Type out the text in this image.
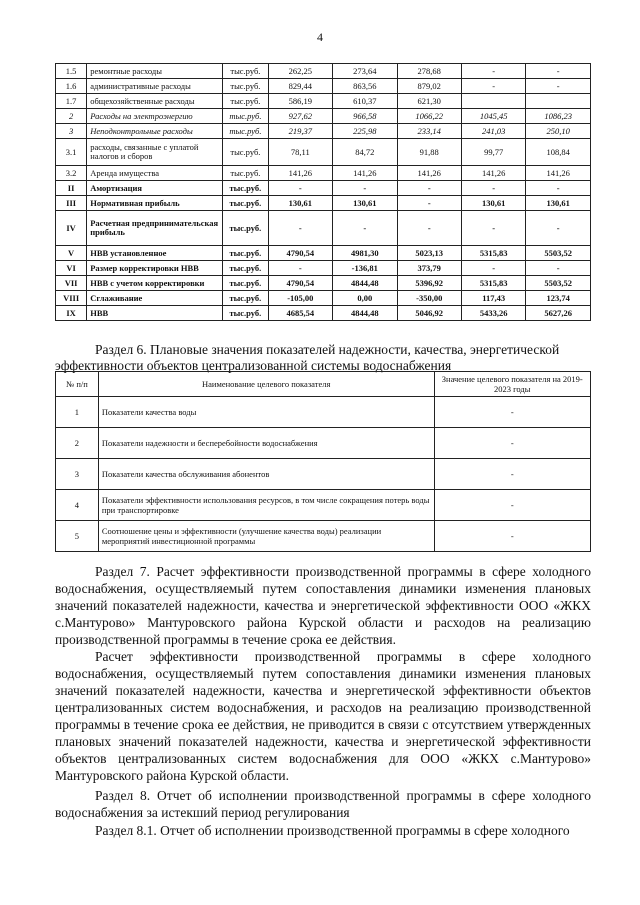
4
1.5	ремонтные расходы	тыс.руб.	262,25	273,64	278,68	-	-
1.6	административные расходы	тыс.руб.	829,44	863,56	879,02	-	-
1.7	общехозяйственные расходы	тыс.руб.	586,19	610,37	621,30		
2	Расходы на электроэнергию	тыс.руб.	927,62	966,58	1066,22	1045,45	1086,23
3	Неподконтрольные расходы	тыс.руб.	219,37	225,98	233,14	241,03	250,10
3.1	расходы, связанные с уплатой налогов и сборов	тыс.руб.	78,11	84,72	91,88	99,77	108,84
3.2	Аренда имущества	тыс.руб.	141,26	141,26	141,26	141,26	141,26
II	Амортизация	тыс.руб.	-	-	-	-	-
III	Нормативная прибыль	тыс.руб.	130,61	130,61	-	130,61	130,61
IV	Расчетная предпринимательская прибыль	тыс.руб.	-	-	-	-	-
V	НВВ установленное	тыс.руб.	4790,54	4981,30	5023,13	5315,83	5503,52
VI	Размер корректировки НВВ	тыс.руб.	-	-136,81	373,79	-	-
VII	НВВ с учетом корректировки	тыс.руб.	4790,54	4844,48	5396,92	5315,83	5503,52
VIII	Сглаживание	тыс.руб.	-105,00	0,00	-350,00	117,43	123,74
IX	НВВ	тыс.руб.	4685,54	4844,48	5046,92	5433,26	5627,26
Раздел 6. Плановые значения показателей надежности, качества, энергетической эффективности объектов централизованной системы водоснабжения
№ п/п	Наименование целевого показателя	Значение целевого показателя на 2019-2023 годы
1	Показатели качества воды	-
2	Показатели надежности и бесперебойности водоснабжения	-
3	Показатели качества обслуживания абонентов	-
4	Показатели эффективности использования ресурсов, в том числе сокращения потерь воды при транспортировке	-
5	Соотношение цены и эффективности (улучшение качества воды) реализации мероприятий инвестиционной программы	-

Раздел 7. Расчет эффективности производственной программы в сфере холодного водоснабжения, осуществляемый путем сопоставления динамики изменения плановых значений показателей надежности, качества и энергетической эффективности ООО «ЖКХ с.Мантурово» Мантуровского района Курской области и расходов на реализацию производственной программы в течение срока ее действия.

Расчет эффективности производственной программы в сфере холодного водоснабжения, осуществляемый путем сопоставления динамики изменения плановых значений показателей надежности, качества и энергетической эффективности объектов централизованных систем водоснабжения, и расходов на реализацию производственной программы в течение срока ее действия, не приводится в связи с отсутствием утвержденных плановых значений показателей надежности, качества и энергетической эффективности объектов централизованных систем водоснабжения для ООО «ЖКХ с.Мантурово» Мантуровского района Курской области.

Раздел 8. Отчет об исполнении производственной программы в сфере холодного водоснабжения за истекший период регулирования

Раздел 8.1. Отчет об исполнении производственной программы в сфере холодного
